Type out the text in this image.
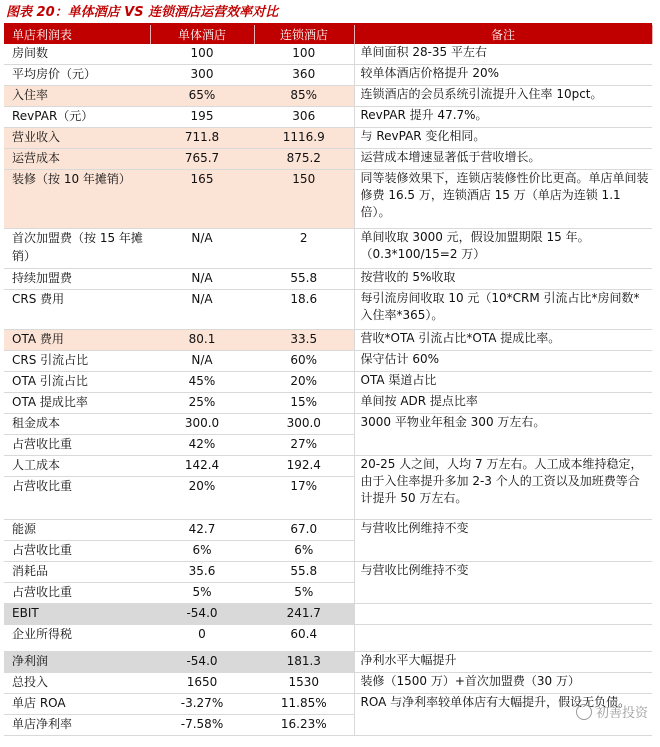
图表 20：单体酒店 VS 连锁酒店运营效率对比
单店利润表	单体酒店	连锁酒店	备注
房间数	100	100	单间面积 28-35 平左右
平均房价（元）	300	360	较单体酒店价格提升 20%
入住率	65%	85%	连锁酒店的会员系统引流提升入住率 10pct。
RevPAR（元）	195	306	RevPAR 提升 47.7%。
营业收入	711.8	1116.9	与 RevPAR 变化相同。
运营成本	765.7	875.2	运营成本增速显著低于营收增长。
装修（按 10 年摊销）	165	150	同等装修效果下，连锁店装修性价比更高。单店单间装修费 16.5 万，连锁酒店 15 万（单店为连锁 1.1 倍）。
首次加盟费（按 15 年摊销）	N/A	2	单间收取 3000 元，假设加盟期限 15 年。（0.3*100/15=2 万）
持续加盟费	N/A	55.8	按营收的 5%收取
CRS 费用	N/A	18.6	每引流房间收取 10 元（10*CRM 引流占比*房间数*入住率*365）。
OTA 费用	80.1	33.5	营收*OTA 引流占比*OTA 提成比率。
CRS 引流占比	N/A	60%	保守估计 60%
OTA 引流占比	45%	20%	OTA 渠道占比
OTA 提成比率	25%	15%	单间按 ADR 提点比率
租金成本	300.0	300.0	3000 平物业年租金 300 万左右。
占营收比重	42%	27%	
人工成本	142.4	192.4	20-25 人之间，人均 7 万左右。人工成本维持稳定，由于入住率提升多加 2-3 个人的工资以及加班费等合计提升 50 万左右。
占营收比重	20%	17%	
能源	42.7	67.0	与营收比例维持不变
占营收比重	6%	6%	
消耗品	35.6	55.8	与营收比例维持不变
占营收比重	5%	5%	
EBIT	-54.0	241.7	
企业所得税	0	60.4	
净利润	-54.0	181.3	净利水平大幅提升
总投入	1650	1530	装修（1500 万）+首次加盟费（30 万）
单店 ROA	-3.27%	11.85%	ROA 与净利率较单体店有大幅提升，假设无负债。
单店净利率	-7.58%	16.23%	
初善投资
